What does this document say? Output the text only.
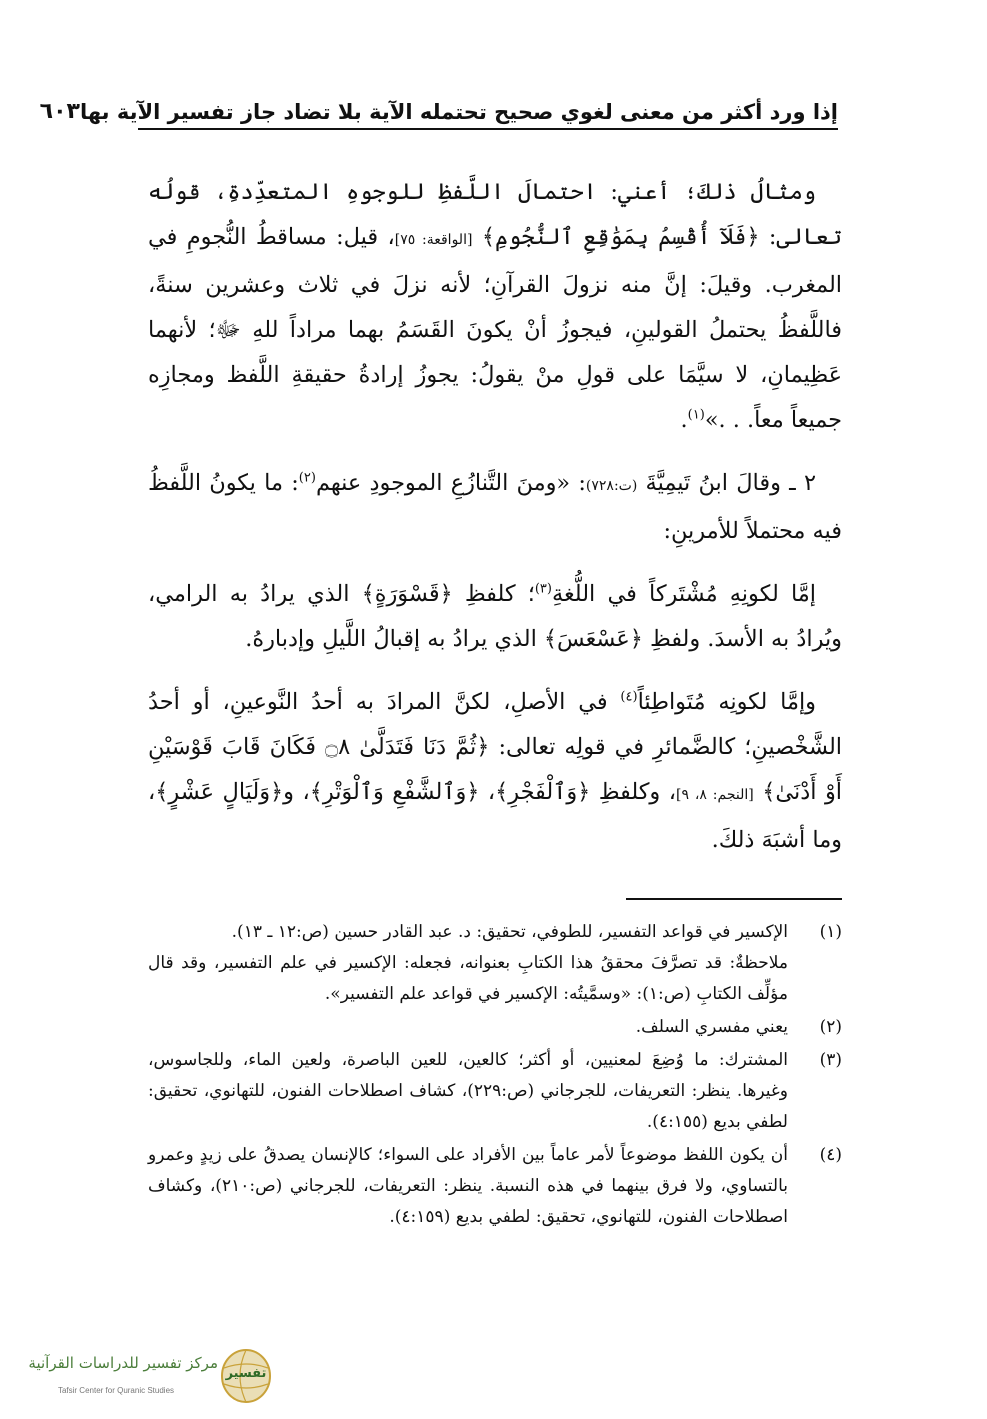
إذا ورد أكثر من معنى لغوي صحيح تحتمله الآية بلا تضاد جاز تفسير الآية بها
٦٠٣

ومثالُ ذلكَ؛ أعني: احتمالَ اللَّفظِ للوجوهِ المتعدِّدةِ، قولُه تعالى: ﴿فَلَآ أُقْسِمُ بِمَوَٰقِعِ ٱلنُّجُومِ﴾ [الواقعة: ٧٥]، قيل: مساقطُ النُّجومِ في المغرب. وقيلَ: إنَّ منه نزولَ القرآنِ؛ لأنه نزلَ في ثلاث وعشرين سنةً، فاللَّفظُ يحتملُ القولينِ، فيجوزُ أنْ يكونَ القَسَمُ بهما مراداً للهِ ﷻ؛ لأنهما عَظِيمانِ، لا سيَّمَا على قولِ منْ يقولُ: يجوزُ إرادةُ حقيقةِ اللَّفظ ومجازِه جميعاً معاً. . .»$^{(١)}$.

٢ ـ وقالَ ابنُ تَيمِيَّةَ (ت:٧٢٨): «ومنَ التَّنازُعِ الموجودِ عنهم$^{(٢)}$: ما يكونُ اللَّفظُ فيه محتملاً للأمرينِ:

إمَّا لكونِهِ مُشْتَركاً في اللُّغةِ$^{(٣)}$؛ كلفظِ ﴿قَسْوَرَةٍ﴾ الذي يرادُ به الرامي، ويُرادُ به الأسدَ. ولفظِ ﴿عَسْعَسَ﴾ الذي يرادُ به إقبالُ اللَّيلِ وإدبارهُ.

وإمَّا لكونِه مُتَواطِئاً$^{(٤)}$ في الأصلِ، لكنَّ المرادَ به أحدُ النَّوعينِ، أو أحدُ الشَّخْصينِ؛ كالضَّمائرِ في قولِه تعالى: ﴿ثُمَّ دَنَا فَتَدَلَّىٰ ۝٨ فَكَانَ قَابَ قَوْسَيْنِ أَوْ أَدْنَىٰ﴾ [النجم: ٨، ٩]، وكلفظِ ﴿وَٱلْفَجْرِ﴾، ﴿وَٱلشَّفْعِ وَٱلْوَتْرِ﴾، و﴿وَلَيَالٍ عَشْرٍ﴾، وما أشبَهَ ذلكَ.

(١)
الإكسير في قواعد التفسير، للطوفي، تحقيق: د. عبد القادر حسين (ص:١٢ ـ ١٣).
ملاحظةٌ: قد تصرَّفَ محققُ هذا الكتابِ بعنوانه، فجعله: الإكسير في علم التفسير، وقد قال مؤلِّف الكتابِ (ص:١): «وسمَّيتُه: الإكسير في قواعد علم التفسير».
(٢)
يعني مفسري السلف.
(٣)
المشترك: ما وُضِعَ لمعنيين، أو أكثر؛ كالعين، للعين الباصرة، ولعين الماء، وللجاسوس، وغيرها. ينظر: التعريفات، للجرجاني (ص:٢٢٩)، كشاف اصطلاحات الفنون، للتهانوي، تحقيق: لطفي بديع (٤:١٥٥).
(٤)
أن يكون اللفظ موضوعاً لأمر عاماً بين الأفراد على السواء؛ كالإنسان يصدقُ على زيدٍ وعمرو بالتساوي، ولا فرق بينهما في هذه النسبة. ينظر: التعريفات، للجرجاني (ص:٢١٠)، وكشاف اصطلاحات الفنون، للتهانوي، تحقيق: لطفي بديع (٤:١٥٩).
تفسير
مركز تفسير للدراسات القرآنية
Tafsir Center for Quranic Studies
